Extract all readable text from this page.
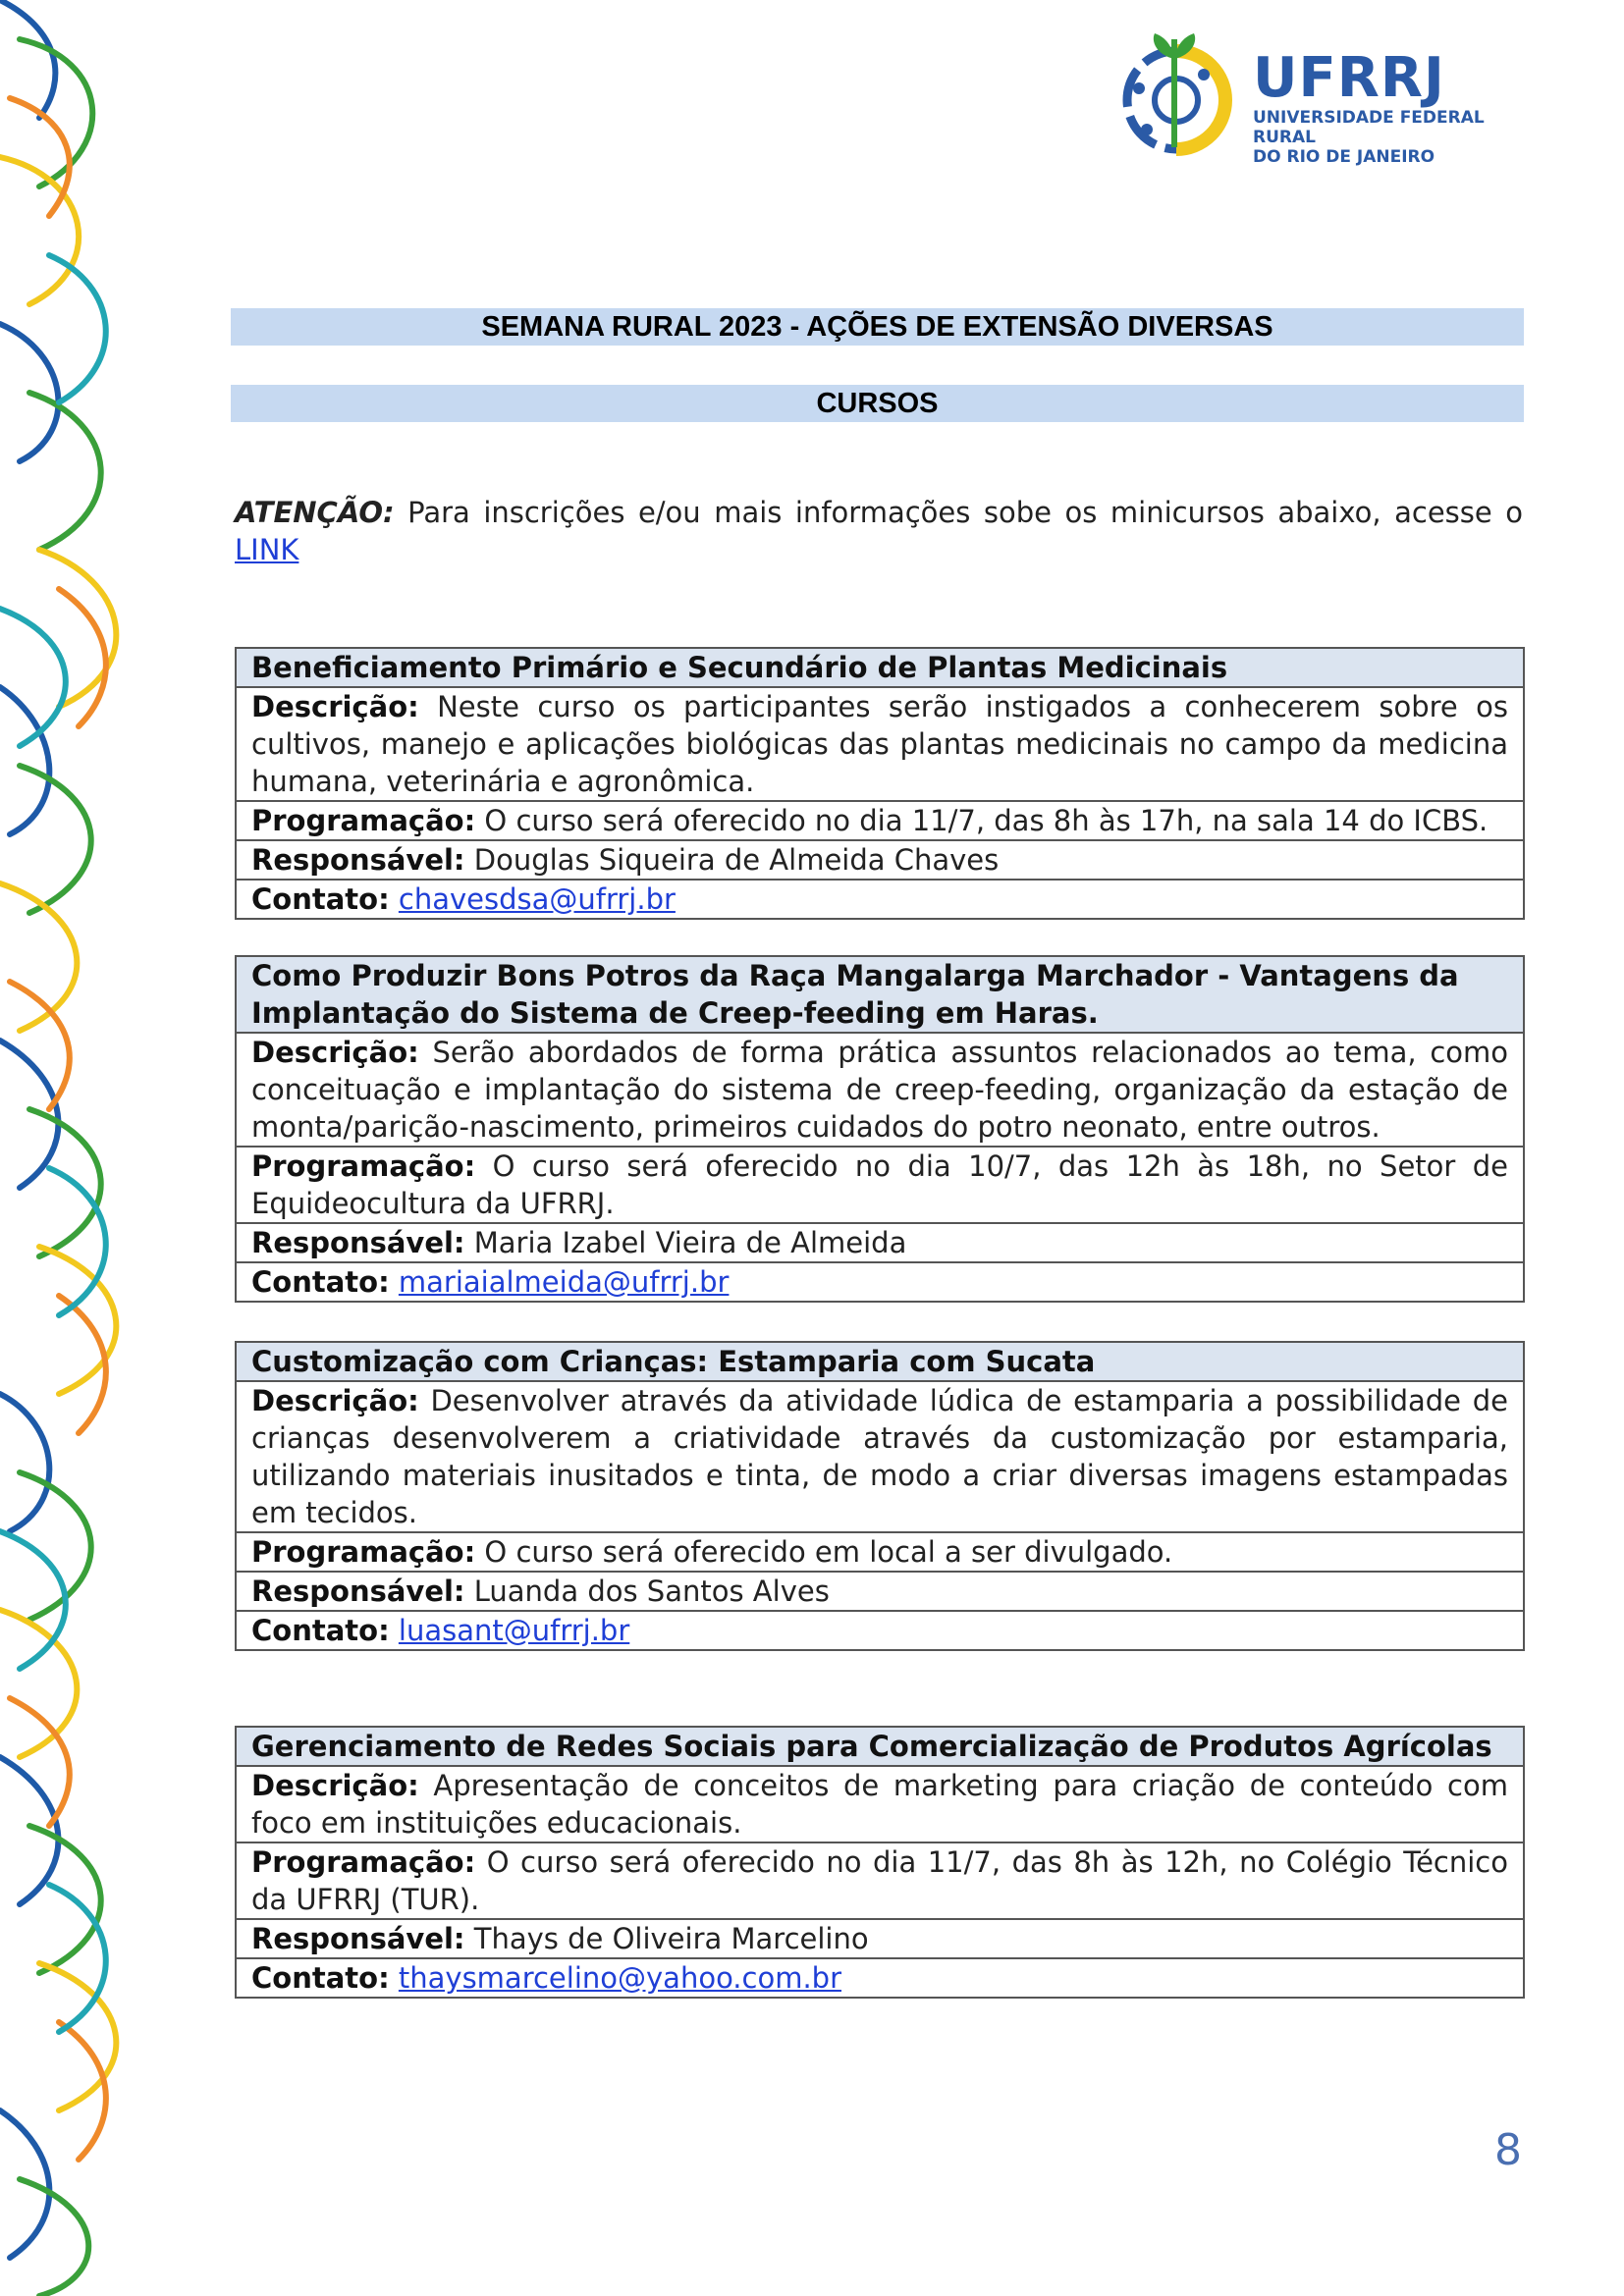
UFRRJ
UNIVERSIDADE FEDERAL RURAL
DO RIO DE JANEIRO
SEMANA RURAL 2023 - AÇÕES DE EXTENSÃO DIVERSAS
CURSOS
ATENÇÃO: Para inscrições e/ou mais informações sobe os minicursos abaixo, acesse o LINK
Beneficiamento Primário e Secundário de Plantas Medicinais
Descrição: Neste curso os participantes serão instigados a conhecerem sobre os cultivos, manejo e aplicações biológicas das plantas medicinais no campo da medicina humana, veterinária e agronômica.
Programação: O curso será oferecido no dia 11/7, das 8h às 17h, na sala 14 do ICBS.
Responsável: Douglas Siqueira de Almeida Chaves
Contato: chavesdsa@ufrrj.br
Como Produzir Bons Potros da Raça Mangalarga Marchador - Vantagens da Implantação do Sistema de Creep-feeding em Haras.
Descrição: Serão abordados de forma prática assuntos relacionados ao tema, como conceituação e implantação do sistema de creep-feeding, organização da estação de monta/parição-nascimento, primeiros cuidados do potro neonato, entre outros.
Programação: O curso será oferecido no dia 10/7, das 12h às 18h, no Setor de Equideocultura da UFRRJ.
Responsável: Maria Izabel Vieira de Almeida
Contato: mariaialmeida@ufrrj.br
Customização com Crianças: Estamparia com Sucata
Descrição: Desenvolver através da atividade lúdica de estamparia a possibilidade de crianças desenvolverem a criatividade através da customização por estamparia, utilizando materiais inusitados e tinta, de modo a criar diversas imagens estampadas em tecidos.
Programação: O curso será oferecido em local a ser divulgado.
Responsável: Luanda dos Santos Alves
Contato: luasant@ufrrj.br
Gerenciamento de Redes Sociais para Comercialização de Produtos Agrícolas
Descrição: Apresentação de conceitos de marketing para criação de conteúdo com foco em instituições educacionais.
Programação: O curso será oferecido no dia 11/7, das 8h às 12h, no Colégio Técnico da UFRRJ (TUR).
Responsável: Thays de Oliveira Marcelino
Contato: thaysmarcelino@yahoo.com.br
8
